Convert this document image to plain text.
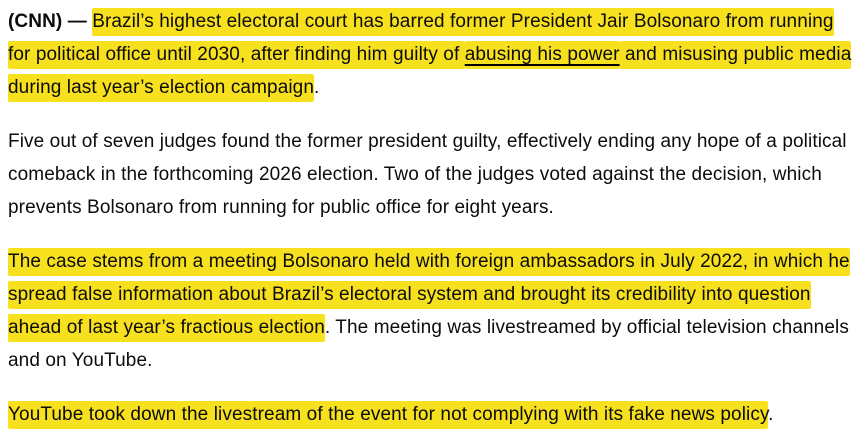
(CNN) — Brazil’s highest electoral court has barred former President Jair Bolsonaro from running for political office until 2030, after finding him guilty of abusing his power and misusing public media during last year’s election campaign.

Five out of seven judges found the former president guilty, effectively ending any hope of a political comeback in the forthcoming 2026 election. Two of the judges voted against the decision, which prevents Bolsonaro from running for public office for eight years.

The case stems from a meeting Bolsonaro held with foreign ambassadors in July 2022, in which he spread false information about Brazil’s electoral system and brought its credibility into question ahead of last year’s fractious election. The meeting was livestreamed by official television channels and on YouTube.

YouTube took down the livestream of the event for not complying with its fake news policy.
